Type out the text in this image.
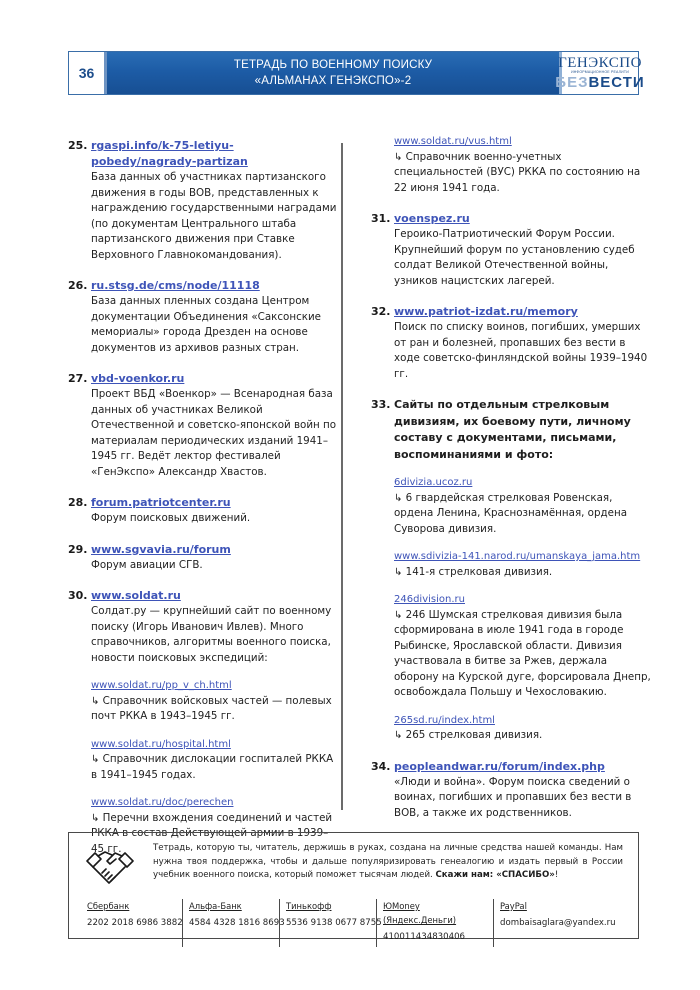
36	ТЕТРАДЬ ПО ВОЕННОМУ ПОИСКУ
«АЛЬМАНАХ ГЕНЭКСПО»-2
ГЕНЭКСПО
ИНФОРМАЦИОННОЕ РЕАЛИТИ
БЕЗВЕСТИ
25. rgaspi.info/k-75-letiyu-pobedy/nagrady-partizan
База данных об участниках партизанского движения в годы ВОВ, представленных к награждению государственными наградами (по документам Центрального штаба партизанского движения при Ставке Верховного Главнокомандования).
26. ru.stsg.de/cms/node/11118
База данных пленных создана Центром документации Объединения «Саксонские мемориалы» города Дрезден на основе документов из архивов разных стран.
27. vbd-voenkor.ru
Проект ВБД «Военкор» — Всенародная база данных об участниках Великой Отечественной и советско-японской войн по материалам периодических изданий 1941–1945 гг. Ведёт лектор фестивалей «ГенЭкспо» Александр Хвастов.
28. forum.patriotcenter.ru
Форум поисковых движений.
29. www.sgvavia.ru/forum
Форум авиации СГВ.
30. www.soldat.ru
Солдат.ру — крупнейший сайт по военному поиску (Игорь Иванович Ивлев). Много справочников, алгоритмы военного поиска, новости поисковых экспедиций:
www.soldat.ru/pp_v_ch.html
↳ Справочник войсковых частей — полевых почт РККА в 1943–1945 гг.
www.soldat.ru/hospital.html
↳ Справочник дислокации госпиталей РККА в 1941–1945 годах.
www.soldat.ru/doc/perechen
↳ Перечни вхождения соединений и частей РККА в состав Действующей армии в 1939–45 гг.
www.soldat.ru/vus.html
↳ Справочник военно-учетных специальностей (ВУС) РККА по состоянию на 22 июня 1941 года.
31. voenspez.ru
Героико-Патриотический Форум России. Крупнейший форум по установлению судеб солдат Великой Отечественной войны, узников нацистских лагерей.
32. www.patriot-izdat.ru/memory
Поиск по списку воинов, погибших, умерших от ран и болезней, пропавших без вести в ходе советско-финляндской войны 1939–1940 гг.
33. Сайты по отдельным стрелковым дивизиям, их боевому пути, личному составу с документами, письмами, воспоминаниями и фото:
6divizia.ucoz.ru
↳ 6 гвардейская стрелковая Ровенская, ордена Ленина, Краснознамённая, ордена Суворова дивизия.
www.sdivizia-141.narod.ru/umanskaya_jama.htm
↳ 141-я стрелковая дивизия.
246division.ru
↳ 246 Шумская стрелковая дивизия была сформирована в июле 1941 года в городе Рыбинске, Ярославской области. Дивизия участвовала в битве за Ржев, держала оборону на Курской дуге, форсировала Днепр, освобождала Польшу и Чехословакию.
265sd.ru/index.html
↳ 265 стрелковая дивизия.
34. peopleandwar.ru/forum/index.php
«Люди и война». Форум поиска сведений о воинах, погибших и пропавших без вести в ВОВ, а также их родственников.
Тетрадь, которую ты, читатель, держишь в руках, создана на личные средства нашей команды. Нам нужна твоя поддержка, чтобы и дальше популяризировать генеалогию и издать первый в России учебник военного поиска, который поможет тысячам людей. Скажи нам: «СПАСИБО»!
Сбербанк
2202 2018 6986 3882
Альфа-Банк
4584 4328 1816 8693
Тинькофф
5536 9138 0677 8755
ЮMoney (Яндекс.Деньги)
410011434830406
PayPal
dombaisaglara@yandex.ru
